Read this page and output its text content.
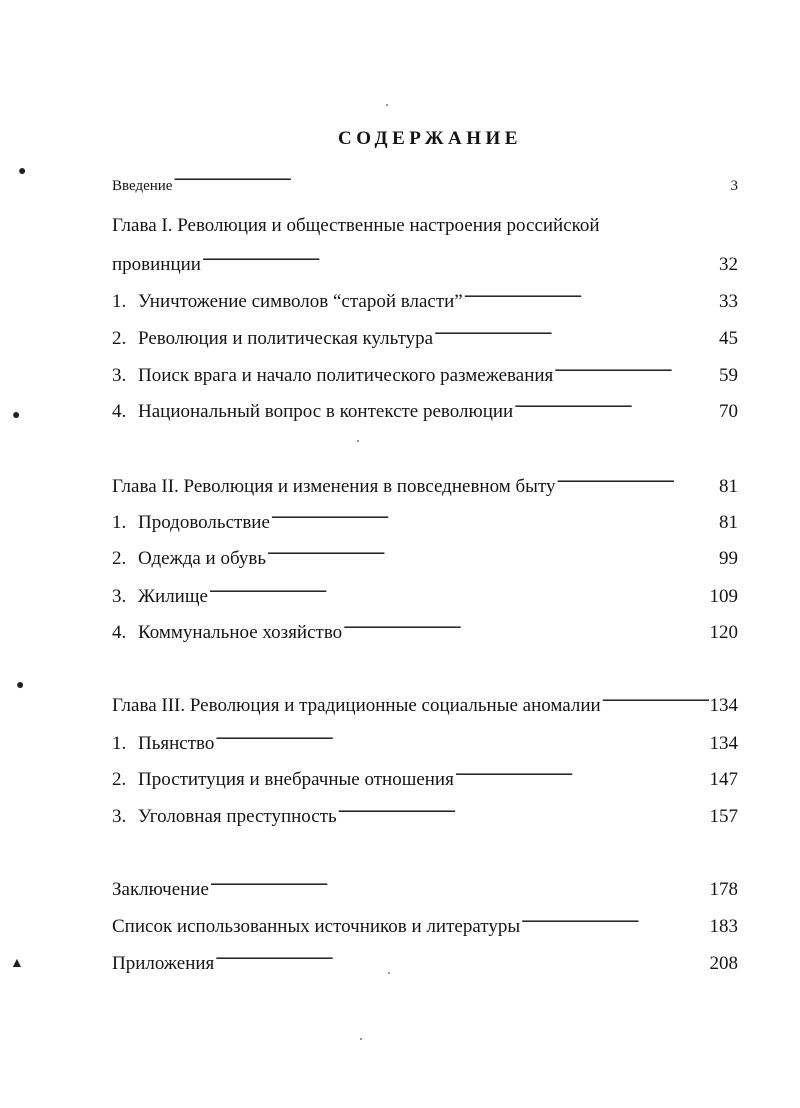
●
●
●
▲
СОДЕРЖАНИЕ
Введение . . .	3
Глава I. Революция и общественные настроения российской
провинции . . .	32
1. Уничтожение символов “старой власти” . . .	33
2. Революция и политическая культура . . .	45
3. Поиск врага и начало политического размежевания . . .	59
4. Национальный вопрос в контексте революции . . .	70
Глава II. Революция и изменения в повседневном быту . . .	81
1. Продовольствие . . .	81
2. Одежда и обувь . . .	99
3. Жилище . . .	109
4. Коммунальное хозяйство . . .	120
Глава III. Революция и традиционные социальные аномалии . . .	134
1. Пьянство . . .	134
2. Проституция и внебрачные отношения . . .	147
3. Уголовная преступность . . .	157
Заключение . . .	178
Список использованных источников и литературы . . .	183
Приложения . . .	208
